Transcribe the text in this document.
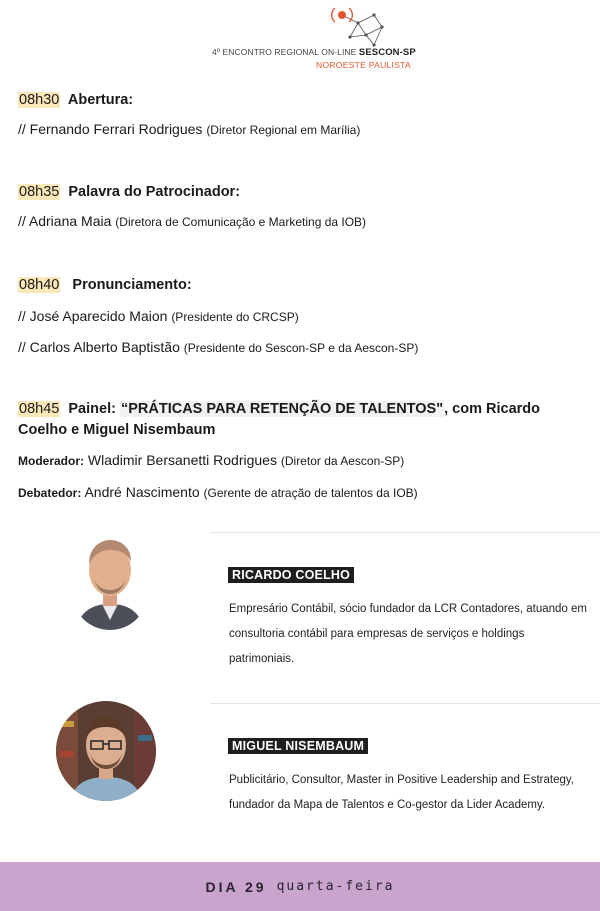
4º ENCONTRO REGIONAL ON-LINE SESCON-SP
NOROESTE PAULISTA
08h30 Abertura:
// Fernando Ferrari Rodrigues (Diretor Regional em Marília)
08h35 Palavra do Patrocinador:
// Adriana Maia (Diretora de Comunicação e Marketing da IOB)
08h40 Pronunciamento:
// José Aparecido Maion (Presidente do CRCSP)
// Carlos Alberto Baptistão (Presidente do Sescon-SP e da Aescon-SP)
08h45 Painel: “PRÁTICAS PARA RETENÇÃO DE TALENTOS", com Ricardo Coelho e Miguel Nisembaum
Moderador: Wladimir Bersanetti Rodrigues (Diretor da Aescon-SP)
Debatedor: André Nascimento (Gerente de atração de talentos da IOB)
RICARDO COELHO
Empresário Contábil, sócio fundador da LCR Contadores, atuando em consultoria contábil para empresas de serviços e holdings patrimoniais.
MIGUEL NISEMBAUM
Publicitário, Consultor, Master in Positive Leadership and Estrategy, fundador da Mapa de Talentos e Co-gestor da Lider Academy.
DIA 29 quarta-feira
